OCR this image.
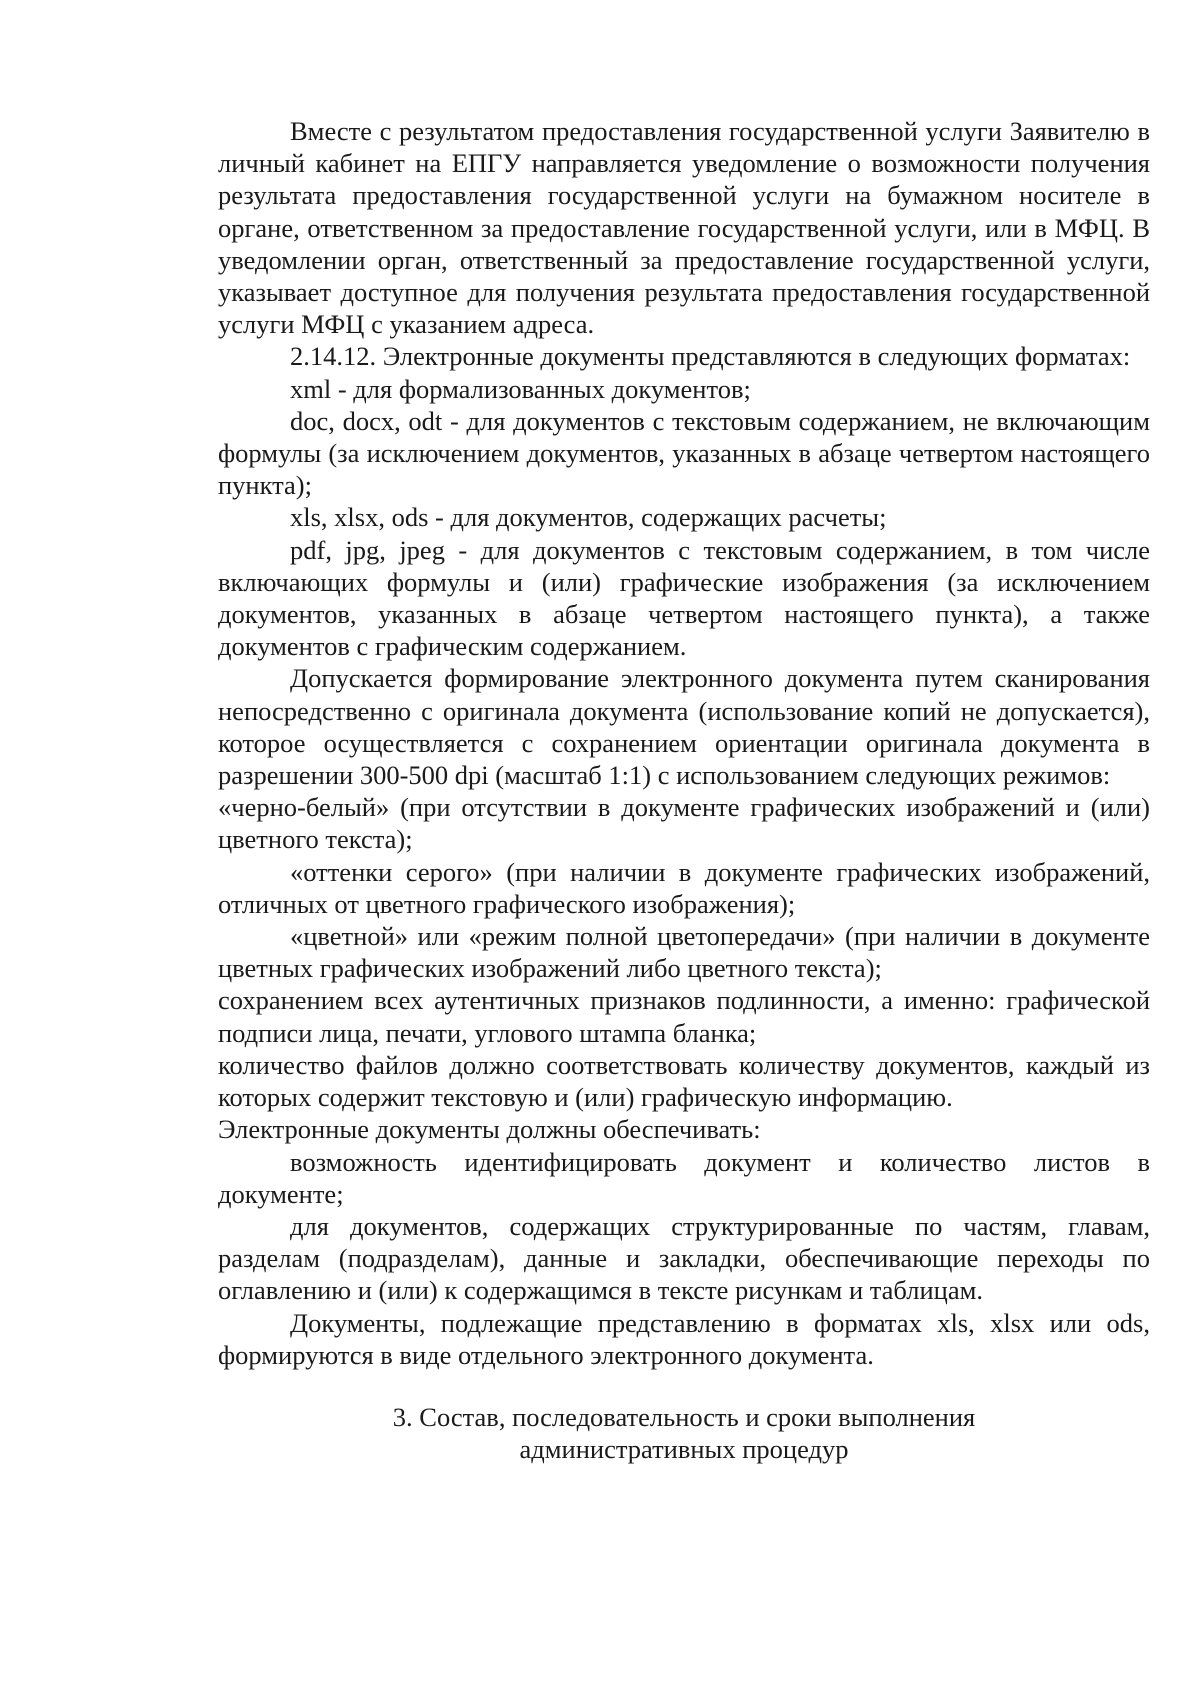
Вместе с результатом предоставления государственной услуги Заявителю в личный кабинет на ЕПГУ направляется уведомление о возможности получения результата предоставления государственной услуги на бумажном носителе в органе, ответственном за предоставление государственной услуги, или в МФЦ. В уведомлении орган, ответственный за предоставление государственной услуги, указывает доступное для получения результата предоставления государственной услуги МФЦ с указанием адреса.

2.14.12. Электронные документы представляются в следующих форматах:

xml - для формализованных документов;

doc, docx, odt - для документов с текстовым содержанием, не включающим формулы (за исключением документов, указанных в абзаце четвертом настоящего пункта);

xls, xlsx, ods - для документов, содержащих расчеты;

pdf, jpg, jpeg - для документов с текстовым содержанием, в том числе включающих формулы и (или) графические изображения (за исключением документов, указанных в абзаце четвертом настоящего пункта), а также документов с графическим содержанием.

Допускается формирование электронного документа путем сканирования непосредственно с оригинала документа (использование копий не допускается), которое осуществляется с сохранением ориентации оригинала документа в разрешении 300-500 dpi (масштаб 1:1) с использованием следующих режимов:

«черно-белый» (при отсутствии в документе графических изображений и (или) цветного текста);

«оттенки серого» (при наличии в документе графических изображений, отличных от цветного графического изображения);

«цветной» или «режим полной цветопередачи» (при наличии в документе цветных графических изображений либо цветного текста);

сохранением всех аутентичных признаков подлинности, а именно: графической подписи лица, печати, углового штампа бланка;

количество файлов должно соответствовать количеству документов, каждый из которых содержит текстовую и (или) графическую информацию.

Электронные документы должны обеспечивать:

возможность идентифицировать документ и количество листов в документе;

для документов, содержащих структурированные по частям, главам, разделам (подразделам), данные и закладки, обеспечивающие переходы по оглавлению и (или) к содержащимся в тексте рисункам и таблицам.

Документы, подлежащие представлению в форматах xls, xlsx или ods, формируются в виде отдельного электронного документа.

3. Состав, последовательность и сроки выполнения

административных процедур
